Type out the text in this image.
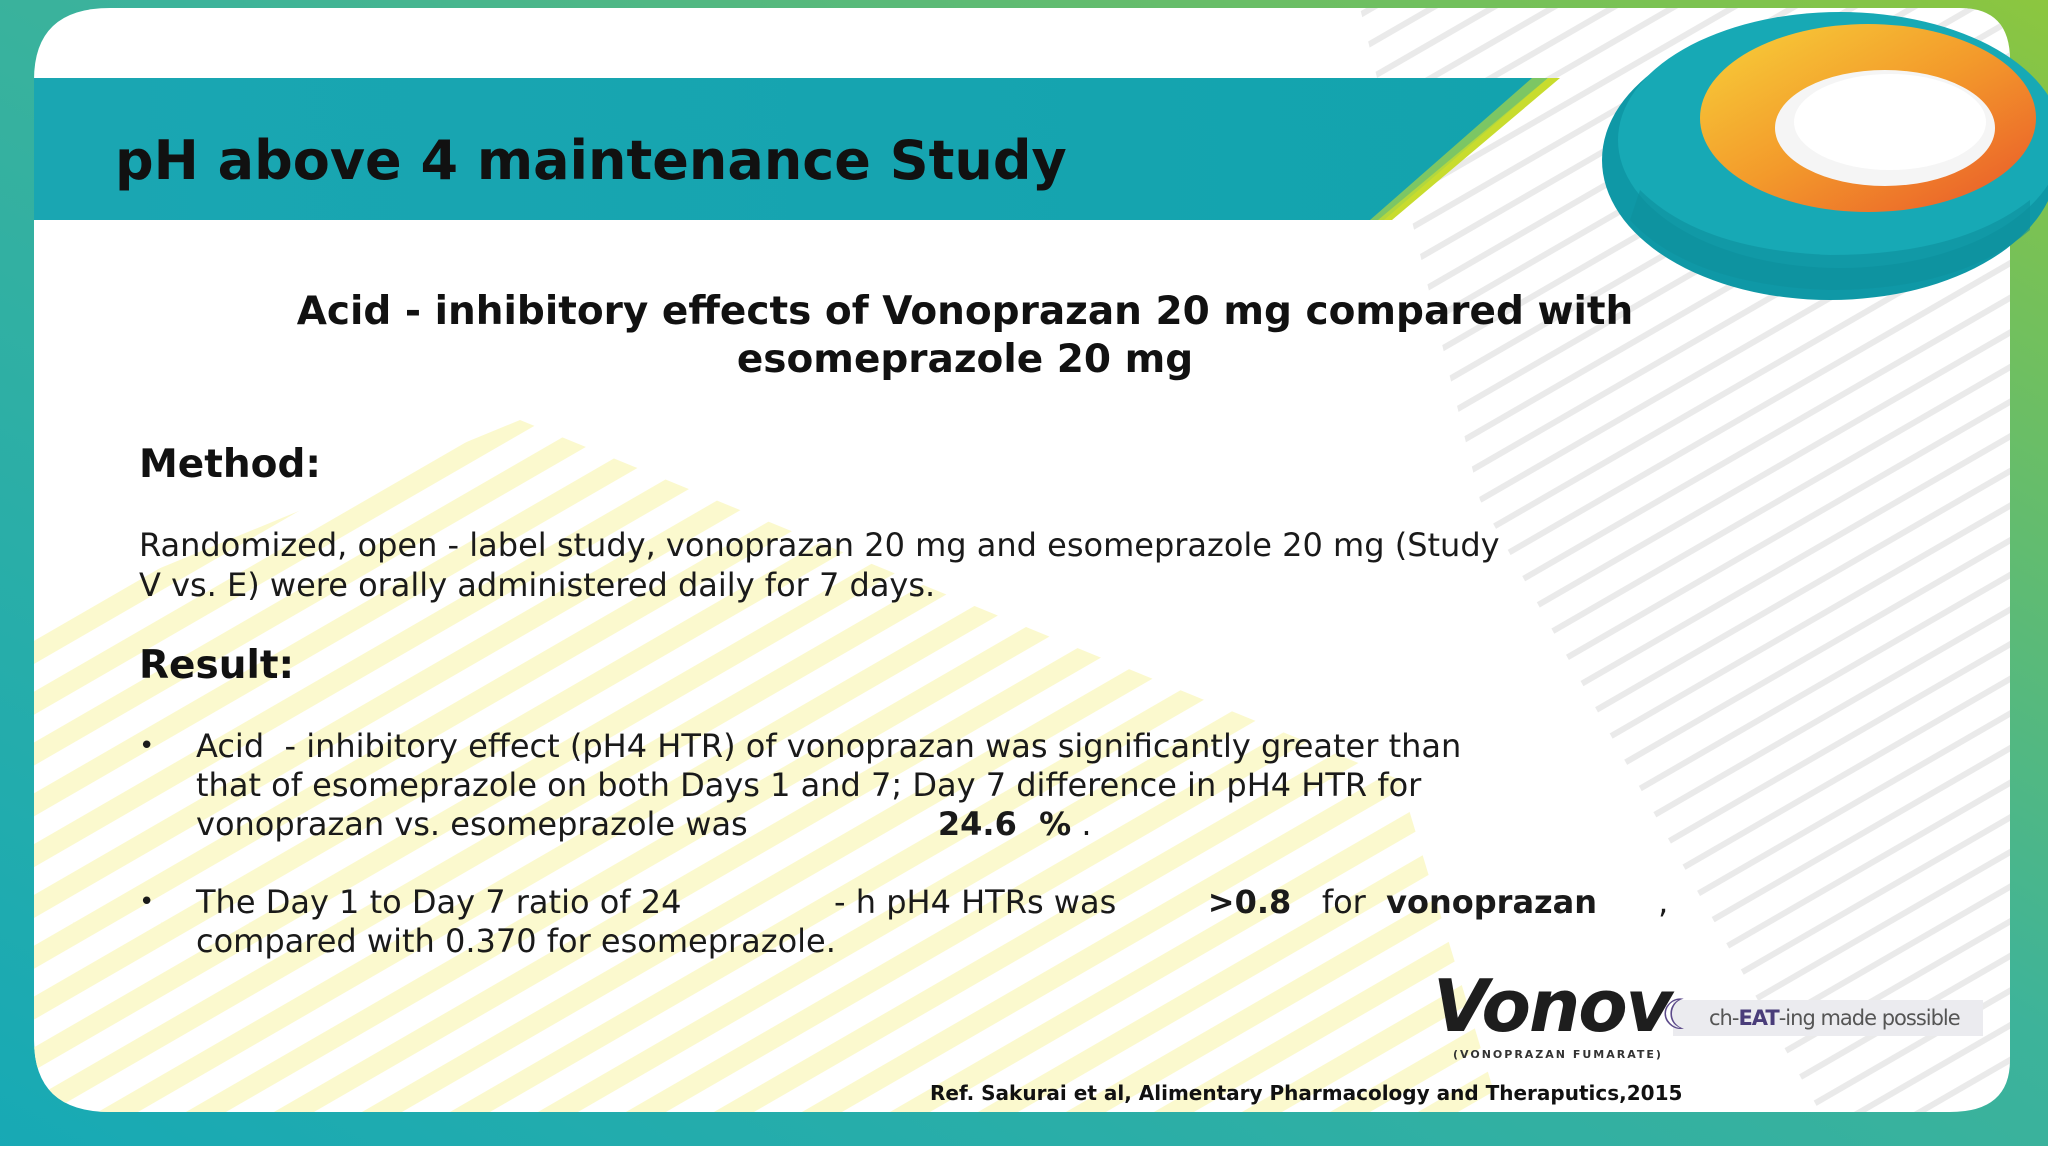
pH above 4 maintenance Study
Acid - inhibitory effects of Vonoprazan 20 mg compared with
esomeprazole 20 mg
Method:
Randomized, open - label study, vonoprazan 20 mg and esomeprazole 20 mg (Study
V vs. E) were orally administered daily for 7 days.
Result:
• Acid  - inhibitory effect (pH4 HTR) of vonoprazan was significantly greater than
that of esomeprazole on both Days 1 and 7; Day 7 difference in pH4 HTR for
vonoprazan vs. esomeprazole was	24.6  % .
• The Day 1 to Day 7 ratio of 24               - h pH4 HTRs was         >0.8   for  vonoprazan      ,
compared with 0.370 for esomeprazole.
Vonov
(VONOPRAZAN FUMARATE)
☾ ch-EAT-ing made possible
Ref. Sakurai et al, Alimentary Pharmacology and Theraputics,2015
